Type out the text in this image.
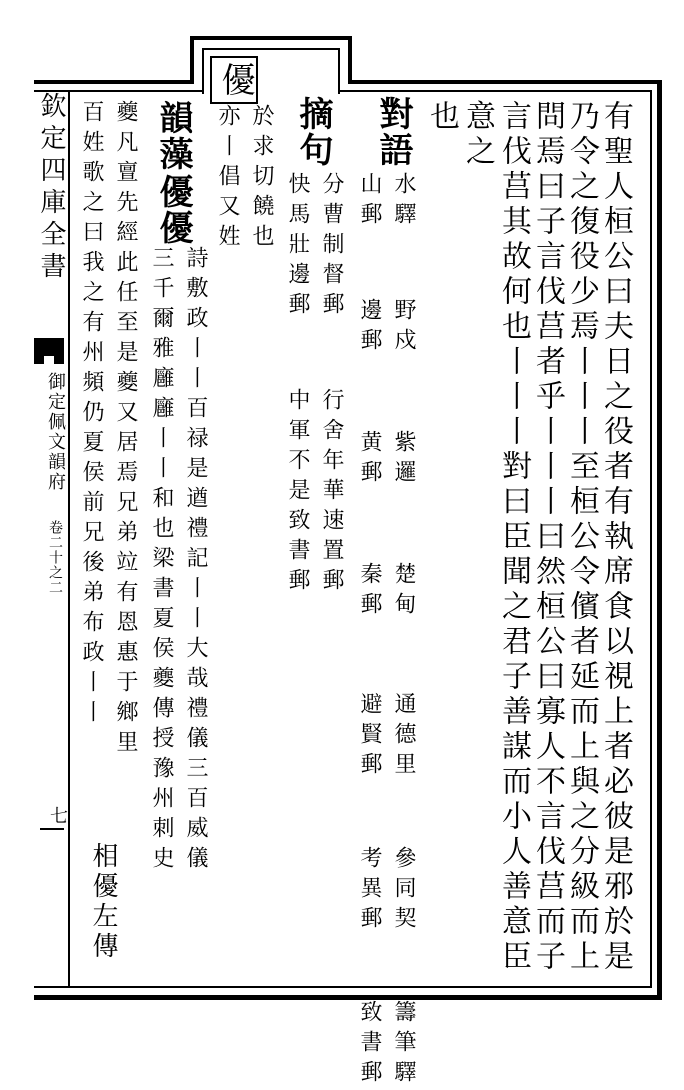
優
欽定四庫全書
御定佩文韻府
卷二十之二
七	有聖人桓公曰夫日之役者有執席食以視上者必彼是邪於是
乃令之復役少焉丨丨丨至桓公令儐者延而上與之分級而上
問焉曰子言伐莒者乎丨丨丨曰然桓公曰寡人不言伐莒而子
言伐莒其故何也丨丨丨對曰臣聞之君子善謀而小人善意臣
意之
也
對語
水驛  野戍  紫邏  楚甸  通德里  參同契  籌筆驛
山郵  邊郵  黄郵  秦郵  避賢郵  考異郵  致書郵
摘句
分曹制督郵  行舍年華速置郵
快馬壯邊郵  中軍不是致書郵
於求切饒也
亦丨倡又姓
韻藻
優優
詩敷政丨丨百禄是遒禮記丨丨大哉禮儀三百威儀
三千爾雅廱廱丨丨和也梁書夏侯夔傳授豫州刺史
夔凡亶先經此任至是夔又居焉兄弟竝有恩惠于鄉里
百姓歌之曰我之有州頻仍夏侯前兄後弟布政丨丨
相優左傳
